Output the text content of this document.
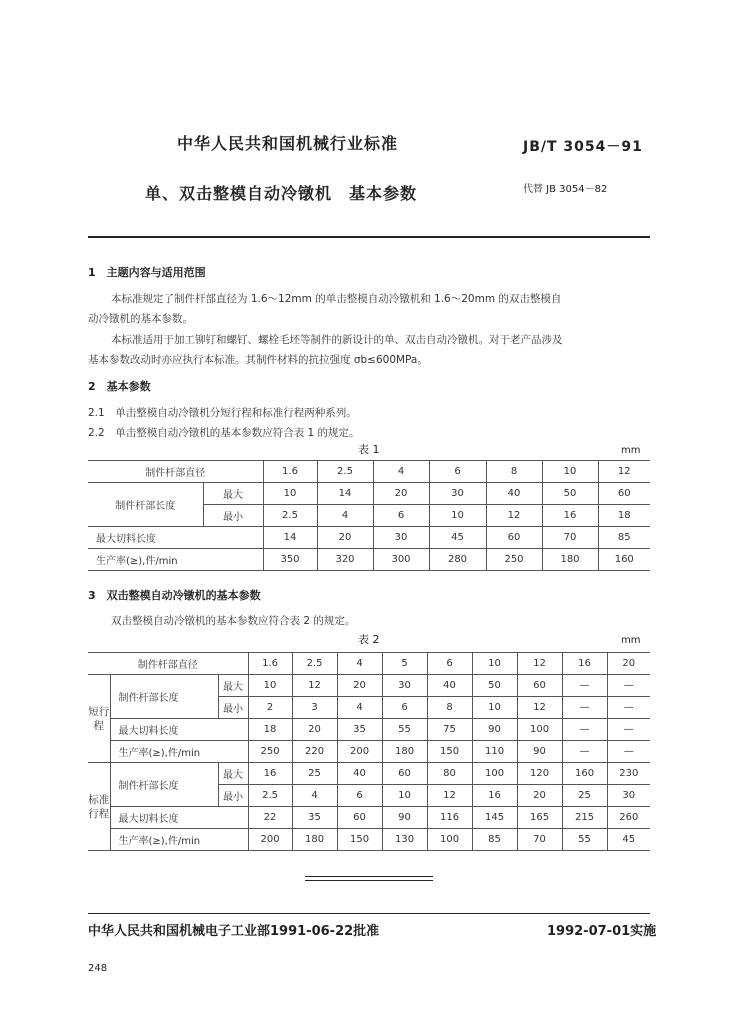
中华人民共和国机械行业标准	JB/T 3054－91
单、双击整模自动冷镦机　基本参数	代替 JB 3054－82
1　主题内容与适用范围
本标准规定了制件杆部直径为 1.6～12mm 的单击整模自动冷镦机和 1.6～20mm 的双击整模自
动冷镦机的基本参数。
本标准适用于加工铆钉和螺钉、螺栓毛坯等制件的新设计的单、双击自动冷镦机。对于老产品涉及
基本参数改动时亦应执行本标准。其制件材料的抗拉强度 σb≤600MPa。
2　基本参数
2.1　单击整模自动冷镦机分短行程和标准行程两种系列。
2.2　单击整模自动冷镦机的基本参数应符合表 1 的规定。
表 1	mm
制件杆部直径		1.6	2.5	4	6	8	10	12
制件杆部长度	最大	10	14	20	30	40	50	60
	最小	2.5	4	6	10	12	16	18
最大切料长度		14	20	30	45	60	70	85
生产率(≥),件/min		350	320	300	280	250	180	160
3　双击整模自动冷镦机的基本参数
双击整模自动冷镦机的基本参数应符合表 2 的规定。
表 2	mm
制件杆部直径			1.6	2.5	4	5	6	10	12	16	20
短行程	制件杆部长度	最大	10	12	20	30	40	50	60	—	—
		最小	2	3	4	6	8	10	12	—	—
	最大切料长度		18	20	35	55	75	90	100	—	—
	生产率(≥),件/min		250	220	200	180	150	110	90	—	—
标准行程	制件杆部长度	最大	16	25	40	60	80	100	120	160	230
		最小	2.5	4	6	10	12	16	20	25	30
	最大切料长度		22	35	60	90	116	145	165	215	260
	生产率(≥),件/min		200	180	150	130	100	85	70	55	45
中华人民共和国机械电子工业部1991-06-22批准	1992-07-01实施
248
